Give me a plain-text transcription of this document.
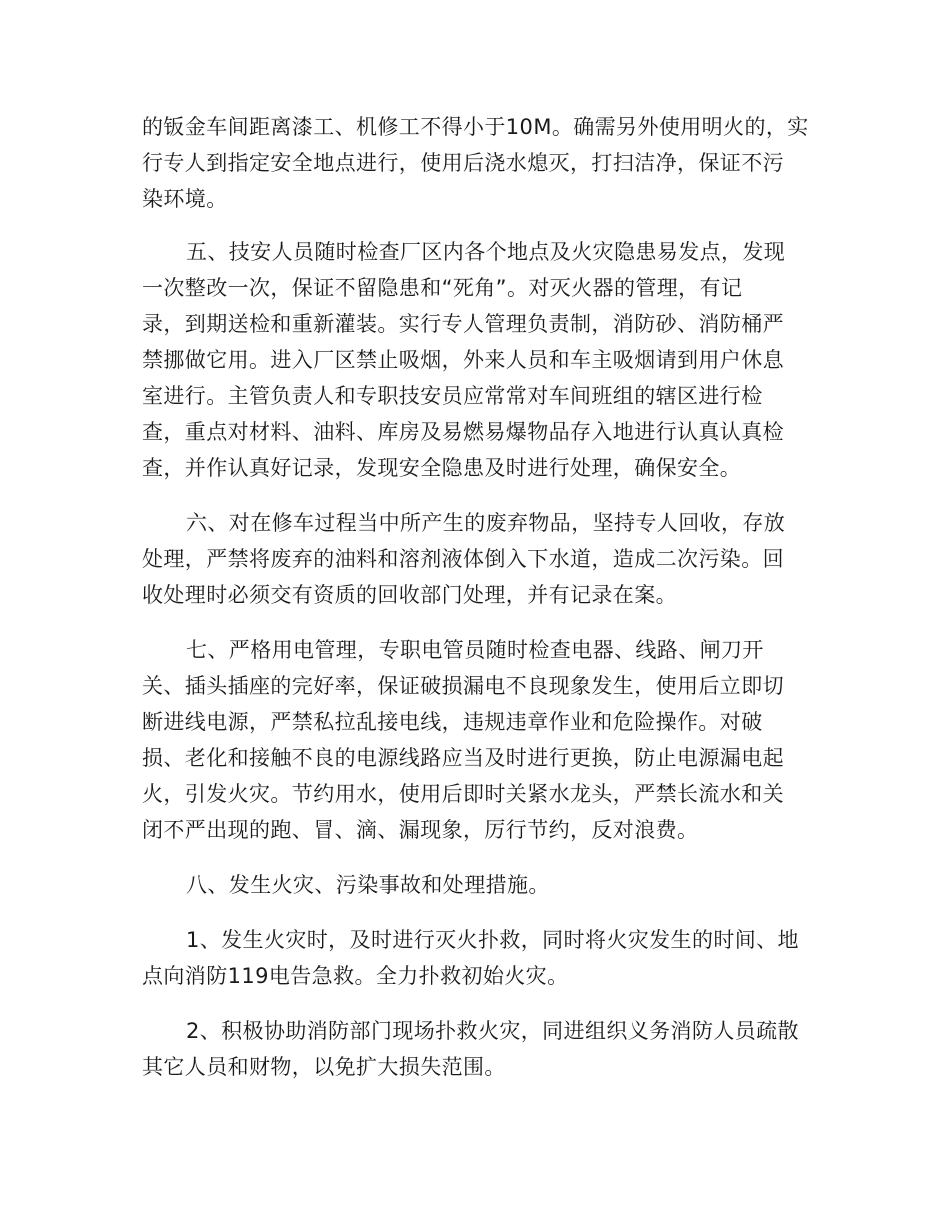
的钣金车间距离漆工、机修工不得小于10M。确需另外使用明火的，实
行专人到指定安全地点进行，使用后浇水熄灭，打扫洁净，保证不污
染环境。
五、技安人员随时检查厂区内各个地点及火灾隐患易发点，发现
一次整改一次，保证不留隐患和“死角”。对灭火器的管理，有记
录，到期送检和重新灌装。实行专人管理负责制，消防砂、消防桶严
禁挪做它用。进入厂区禁止吸烟，外来人员和车主吸烟请到用户休息
室进行。主管负责人和专职技安员应常常对车间班组的辖区进行检
查，重点对材料、油料、库房及易燃易爆物品存入地进行认真认真检
查，并作认真好记录，发现安全隐患及时进行处理，确保安全。
六、对在修车过程当中所产生的废弃物品，坚持专人回收，存放
处理，严禁将废弃的油料和溶剂液体倒入下水道，造成二次污染。回
收处理时必须交有资质的回收部门处理，并有记录在案。
七、严格用电管理，专职电管员随时检查电器、线路、闸刀开
关、插头插座的完好率，保证破损漏电不良现象发生，使用后立即切
断进线电源，严禁私拉乱接电线，违规违章作业和危险操作。对破
损、老化和接触不良的电源线路应当及时进行更换，防止电源漏电起
火，引发火灾。节约用水，使用后即时关紧水龙头，严禁长流水和关
闭不严出现的跑、冒、滴、漏现象，厉行节约，反对浪费。
八、发生火灾、污染事故和处理措施。
1、发生火灾时，及时进行灭火扑救，同时将火灾发生的时间、地
点向消防119电告急救。全力扑救初始火灾。
2、积极协助消防部门现场扑救火灾，同进组织义务消防人员疏散
其它人员和财物，以免扩大损失范围。
